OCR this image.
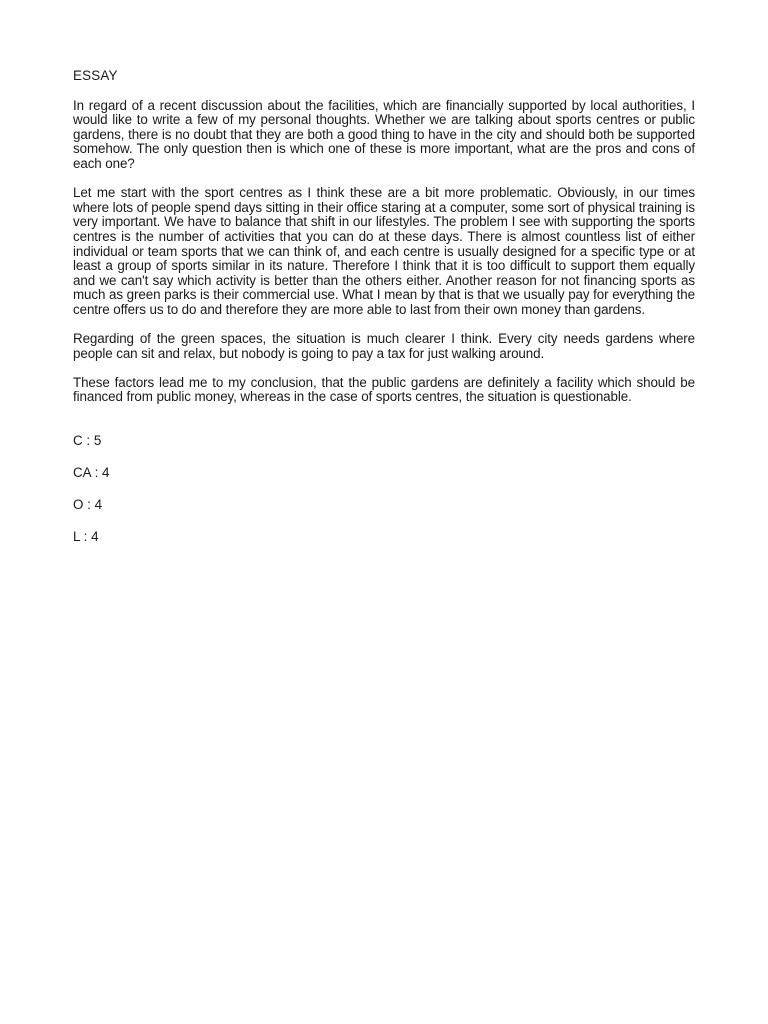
ESSAY

In regard of a recent discussion about the facilities, which are financially supported by local authorities, I would like to write a few of my personal thoughts. Whether we are talking about sports centres or public gardens, there is no doubt that they are both a good thing to have in the city and should both be supported somehow. The only question then is which one of these is more important, what are the pros and cons of each one?

Let me start with the sport centres as I think these are a bit more problematic. Obviously, in our times where lots of people spend days sitting in their office staring at a computer, some sort of physical training is very important. We have to balance that shift in our lifestyles. The problem I see with supporting the sports centres is the number of activities that you can do at these days. There is almost countless list of either individual or team sports that we can think of, and each centre is usually designed for a specific type or at least a group of sports similar in its nature. Therefore I think that it is too difficult to support them equally and we can't say which activity is better than the others either. Another reason for not financing sports as much as green parks is their commercial use. What I mean by that is that we usually pay for everything the centre offers us to do and therefore they are more able to last from their own money than gardens.

Regarding of the green spaces, the situation is much clearer I think. Every city needs gardens where people can sit and relax, but nobody is going to pay a tax for just walking around.

These factors lead me to my conclusion, that the public gardens are definitely a facility which should be financed from public money, whereas in the case of sports centres, the situation is questionable.

C : 5
CA : 4
O : 4
L : 4
